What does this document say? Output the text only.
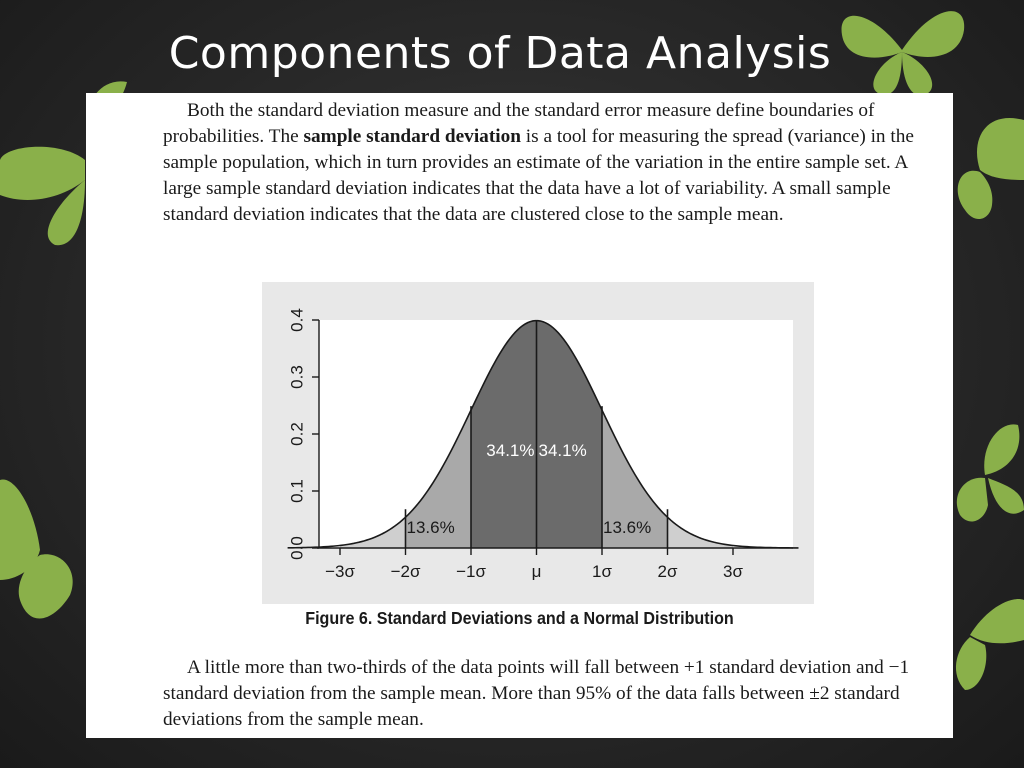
Components of Data Analysis

Both the standard deviation measure and the standard error measure define boundaries of probabilities. The sample standard deviation is a tool for measuring the spread (variance) in the sample population, which in turn provides an estimate of the variation in the entire sample set. A large sample standard deviation indicates that the data have a lot of variability. A small sample standard deviation indicates that the data are clustered close to the sample mean.

0.0
0.1
0.2
0.3
0.4
−3σ −2σ −1σ	μ	1σ	2σ	3σ
34.1% 34.1%
13.6%	13.6%
Figure 6. Standard Deviations and a Normal Distribution

A little more than two-thirds of the data points will fall between +1 standard deviation and −1 standard deviation from the sample mean. More than 95% of the data falls between ±2 standard deviations from the sample mean.
